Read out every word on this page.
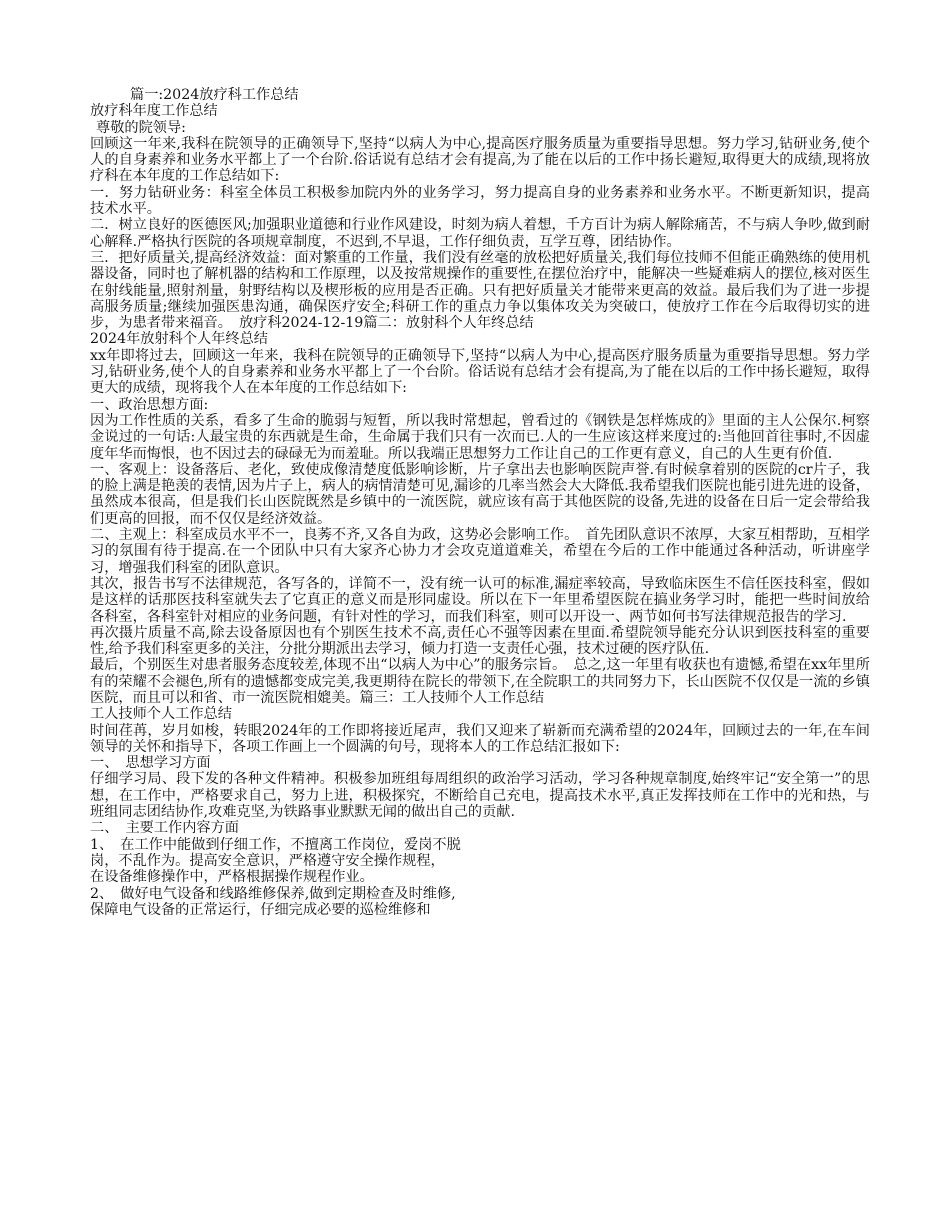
篇一:2024放疗科工作总结

放疗科年度工作总结

尊敬的院领导:

回顾这一年来,我科在院领导的正确领导下,坚持“以病人为中心,提高医疗服务质量为重要指导思想。努力学习,钻研业务,使个人的自身素养和业务水平都上了一个台阶.俗话说有总结才会有提高,为了能在以后的工作中扬长避短,取得更大的成绩,现将放疗科在本年度的工作总结如下:

一．努力钻研业务：科室全体员工积极参加院内外的业务学习，努力提高自身的业务素养和业务水平。不断更新知识，提高技术水平。

二．树立良好的医德医风;加强职业道德和行业作风建设，时刻为病人着想，千方百计为病人解除痛苦，不与病人争吵,做到耐心解释.严格执行医院的各项规章制度，不迟到,不早退，工作仔细负责，互学互尊，团结协作。

三．把好质量关,提高经济效益：面对繁重的工作量，我们没有丝毫的放松把好质量关,我们每位技师不但能正确熟练的使用机器设备，同时也了解机器的结构和工作原理，以及按常规操作的重要性,在摆位治疗中，能解决一些疑难病人的摆位,核对医生在射线能量,照射剂量，射野结构以及楔形板的应用是否正确。只有把好质量关才能带来更高的效益。最后我们为了进一步提高服务质量;继续加强医患沟通，确保医疗安全;科研工作的重点力争以集体攻关为突破口，使放疗工作在今后取得切实的进步，为患者带来福音。　放疗科2024-12-19篇二：放射科个人年终总结

2024年放射科个人年终总结

xx年即将过去，回顾这一年来，我科在院领导的正确领导下,坚持“以病人为中心,提高医疗服务质量为重要指导思想。努力学习,钻研业务,使个人的自身素养和业务水平都上了一个台阶。俗话说有总结才会有提高,为了能在以后的工作中扬长避短，取得更大的成绩，现将我个人在本年度的工作总结如下:

一、政治思想方面:

因为工作性质的关系，看多了生命的脆弱与短暂，所以我时常想起，曾看过的《钢铁是怎样炼成的》里面的主人公保尔.柯察金说过的一句话:人最宝贵的东西就是生命，生命属于我们只有一次而已.人的一生应该这样来度过的:当他回首往事时,不因虚度年华而悔恨，也不因过去的碌碌无为而羞耻。所以我端正思想努力工作让自己的工作更有意义，自己的人生更有价值.

一、客观上：设备落后、老化，致使成像清楚度低影响诊断，片子拿出去也影响医院声誉.有时候拿着别的医院的cr片子，我的脸上满是艳羡的表情,因为片子上，病人的病情清楚可见,漏诊的几率当然会大大降低.我希望我们医院也能引进先进的设备，虽然成本很高，但是我们长山医院既然是乡镇中的一流医院，就应该有高于其他医院的设备,先进的设备在日后一定会带给我们更高的回报，而不仅仅是经济效益。

二、主观上：科室成员水平不一，良莠不齐,又各自为政，这势必会影响工作。　首先团队意识不浓厚，大家互相帮助，互相学习的氛围有待于提高.在一个团队中只有大家齐心协力才会攻克道道难关，希望在今后的工作中能通过各种活动，听讲座学习，增强我们科室的团队意识。

其次，报告书写不法律规范，各写各的，详简不一，没有统一认可的标准,漏症率较高，导致临床医生不信任医技科室，假如是这样的话那医技科室就失去了它真正的意义而是形同虚设。所以在下一年里希望医院在搞业务学习时，能把一些时间放给各科室，各科室针对相应的业务问题，有针对性的学习，而我们科室，则可以开设一、两节如何书写法律规范报告的学习.

再次摄片质量不高,除去设备原因也有个别医生技术不高,责任心不强等因素在里面.希望院领导能充分认识到医技科室的重要性,给予我们科室更多的关注，分批分期派出去学习，倾力打造一支责任心强，技术过硬的医疗队伍.

最后，个别医生对患者服务态度较差,体现不出“以病人为中心”的服务宗旨。　总之,这一年里有收获也有遗憾,希望在xx年里所有的荣耀不会褪色,所有的遗憾都变成完美,我更期待在院长的带领下,在全院职工的共同努力下，长山医院不仅仅是一流的乡镇医院，而且可以和省、市一流医院相媲美。篇三：工人技师个人工作总结

工人技师个人工作总结

时间荏苒，岁月如梭，转眼2024年的工作即将接近尾声，我们又迎来了崭新而充满希望的2024年，回顾过去的一年,在车间领导的关怀和指导下，各项工作画上一个圆满的句号，现将本人的工作总结汇报如下:

一、　思想学习方面

仔细学习局、段下发的各种文件精神。积极参加班组每周组织的政治学习活动，学习各种规章制度,始终牢记“安全第一”的思想，在工作中，严格要求自己，努力上进，积极探究，不断给自己充电，提高技术水平,真正发挥技师在工作中的光和热，与班组同志团结协作,攻难克坚,为铁路事业默默无闻的做出自己的贡献.

二、　主要工作内容方面

1、　在工作中能做到仔细工作，不擅离工作岗位，爱岗不脱

岗，不乱作为。提高安全意识，严格遵守安全操作规程，

在设备维修操作中，严格根据操作规程作业。

2、　做好电气设备和线路维修保养,做到定期检查及时维修,

保障电气设备的正常运行，仔细完成必要的巡检维修和
